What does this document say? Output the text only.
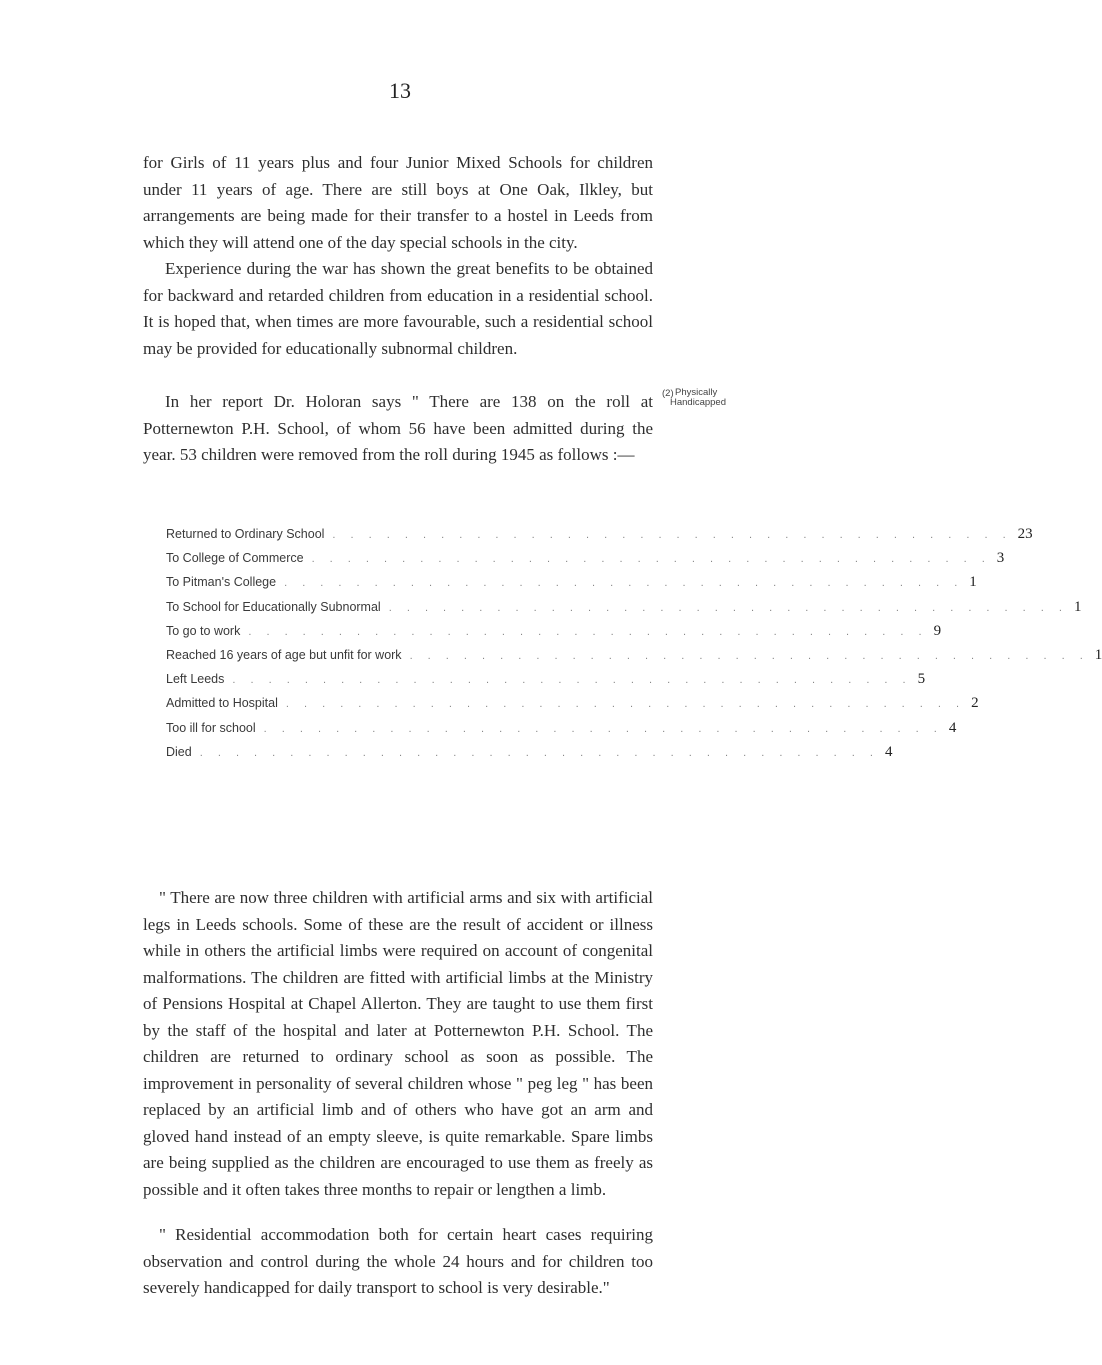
13
for Girls of 11 years plus and four Junior Mixed Schools for children under 11 years of age. There are still boys at One Oak, Ilkley, but arrangements are being made for their transfer to a hostel in Leeds from which they will attend one of the day special schools in the city.
Experience during the war has shown the great benefits to be obtained for backward and retarded children from education in a residential school. It is hoped that, when times are more favourable, such a residential school may be provided for educationally subnormal children.
In her report Dr. Holoran says " There are 138 on the roll at Potternewton P.H. School, of whom 56 have been admitted during the year. 53 children were removed from the roll during 1945 as follows :—
(2) Physically
Handicapped
Returned to Ordinary School . . . . . . . . . . . . . . . . . . . . . . . . . . . . . . . . . . . . . . 23
To College of Commerce . . . . . . . . . . . . . . . . . . . . . . . . . . . . . . . . . . . . . . 3
To Pitman's College . . . . . . . . . . . . . . . . . . . . . . . . . . . . . . . . . . . . . . 1
To School for Educationally Subnormal . . . . . . . . . . . . . . . . . . . . . . . . . . . . . . . . . . . . . . 1
To go to work . . . . . . . . . . . . . . . . . . . . . . . . . . . . . . . . . . . . . . 9
Reached 16 years of age but unfit for work . . . . . . . . . . . . . . . . . . . . . . . . . . . . . . . . . . . . . . 1
Left Leeds . . . . . . . . . . . . . . . . . . . . . . . . . . . . . . . . . . . . . . 5
Admitted to Hospital . . . . . . . . . . . . . . . . . . . . . . . . . . . . . . . . . . . . . . 2
Too ill for school . . . . . . . . . . . . . . . . . . . . . . . . . . . . . . . . . . . . . . 4
Died . . . . . . . . . . . . . . . . . . . . . . . . . . . . . . . . . . . . . . 4
" There are now three children with artificial arms and six with artificial legs in Leeds schools. Some of these are the result of accident or illness while in others the artificial limbs were required on account of congenital malformations. The children are fitted with artificial limbs at the Ministry of Pensions Hospital at Chapel Allerton. They are taught to use them first by the staff of the hospital and later at Potternewton P.H. School. The children are returned to ordinary school as soon as possible. The improvement in personality of several children whose " peg leg " has been replaced by an artificial limb and of others who have got an arm and gloved hand instead of an empty sleeve, is quite remarkable. Spare limbs are being supplied as the children are encouraged to use them as freely as possible and it often takes three months to repair or lengthen a limb.
" Residential accommodation both for certain heart cases requiring observation and control during the whole 24 hours and for children too severely handicapped for daily transport to school is very desirable."
